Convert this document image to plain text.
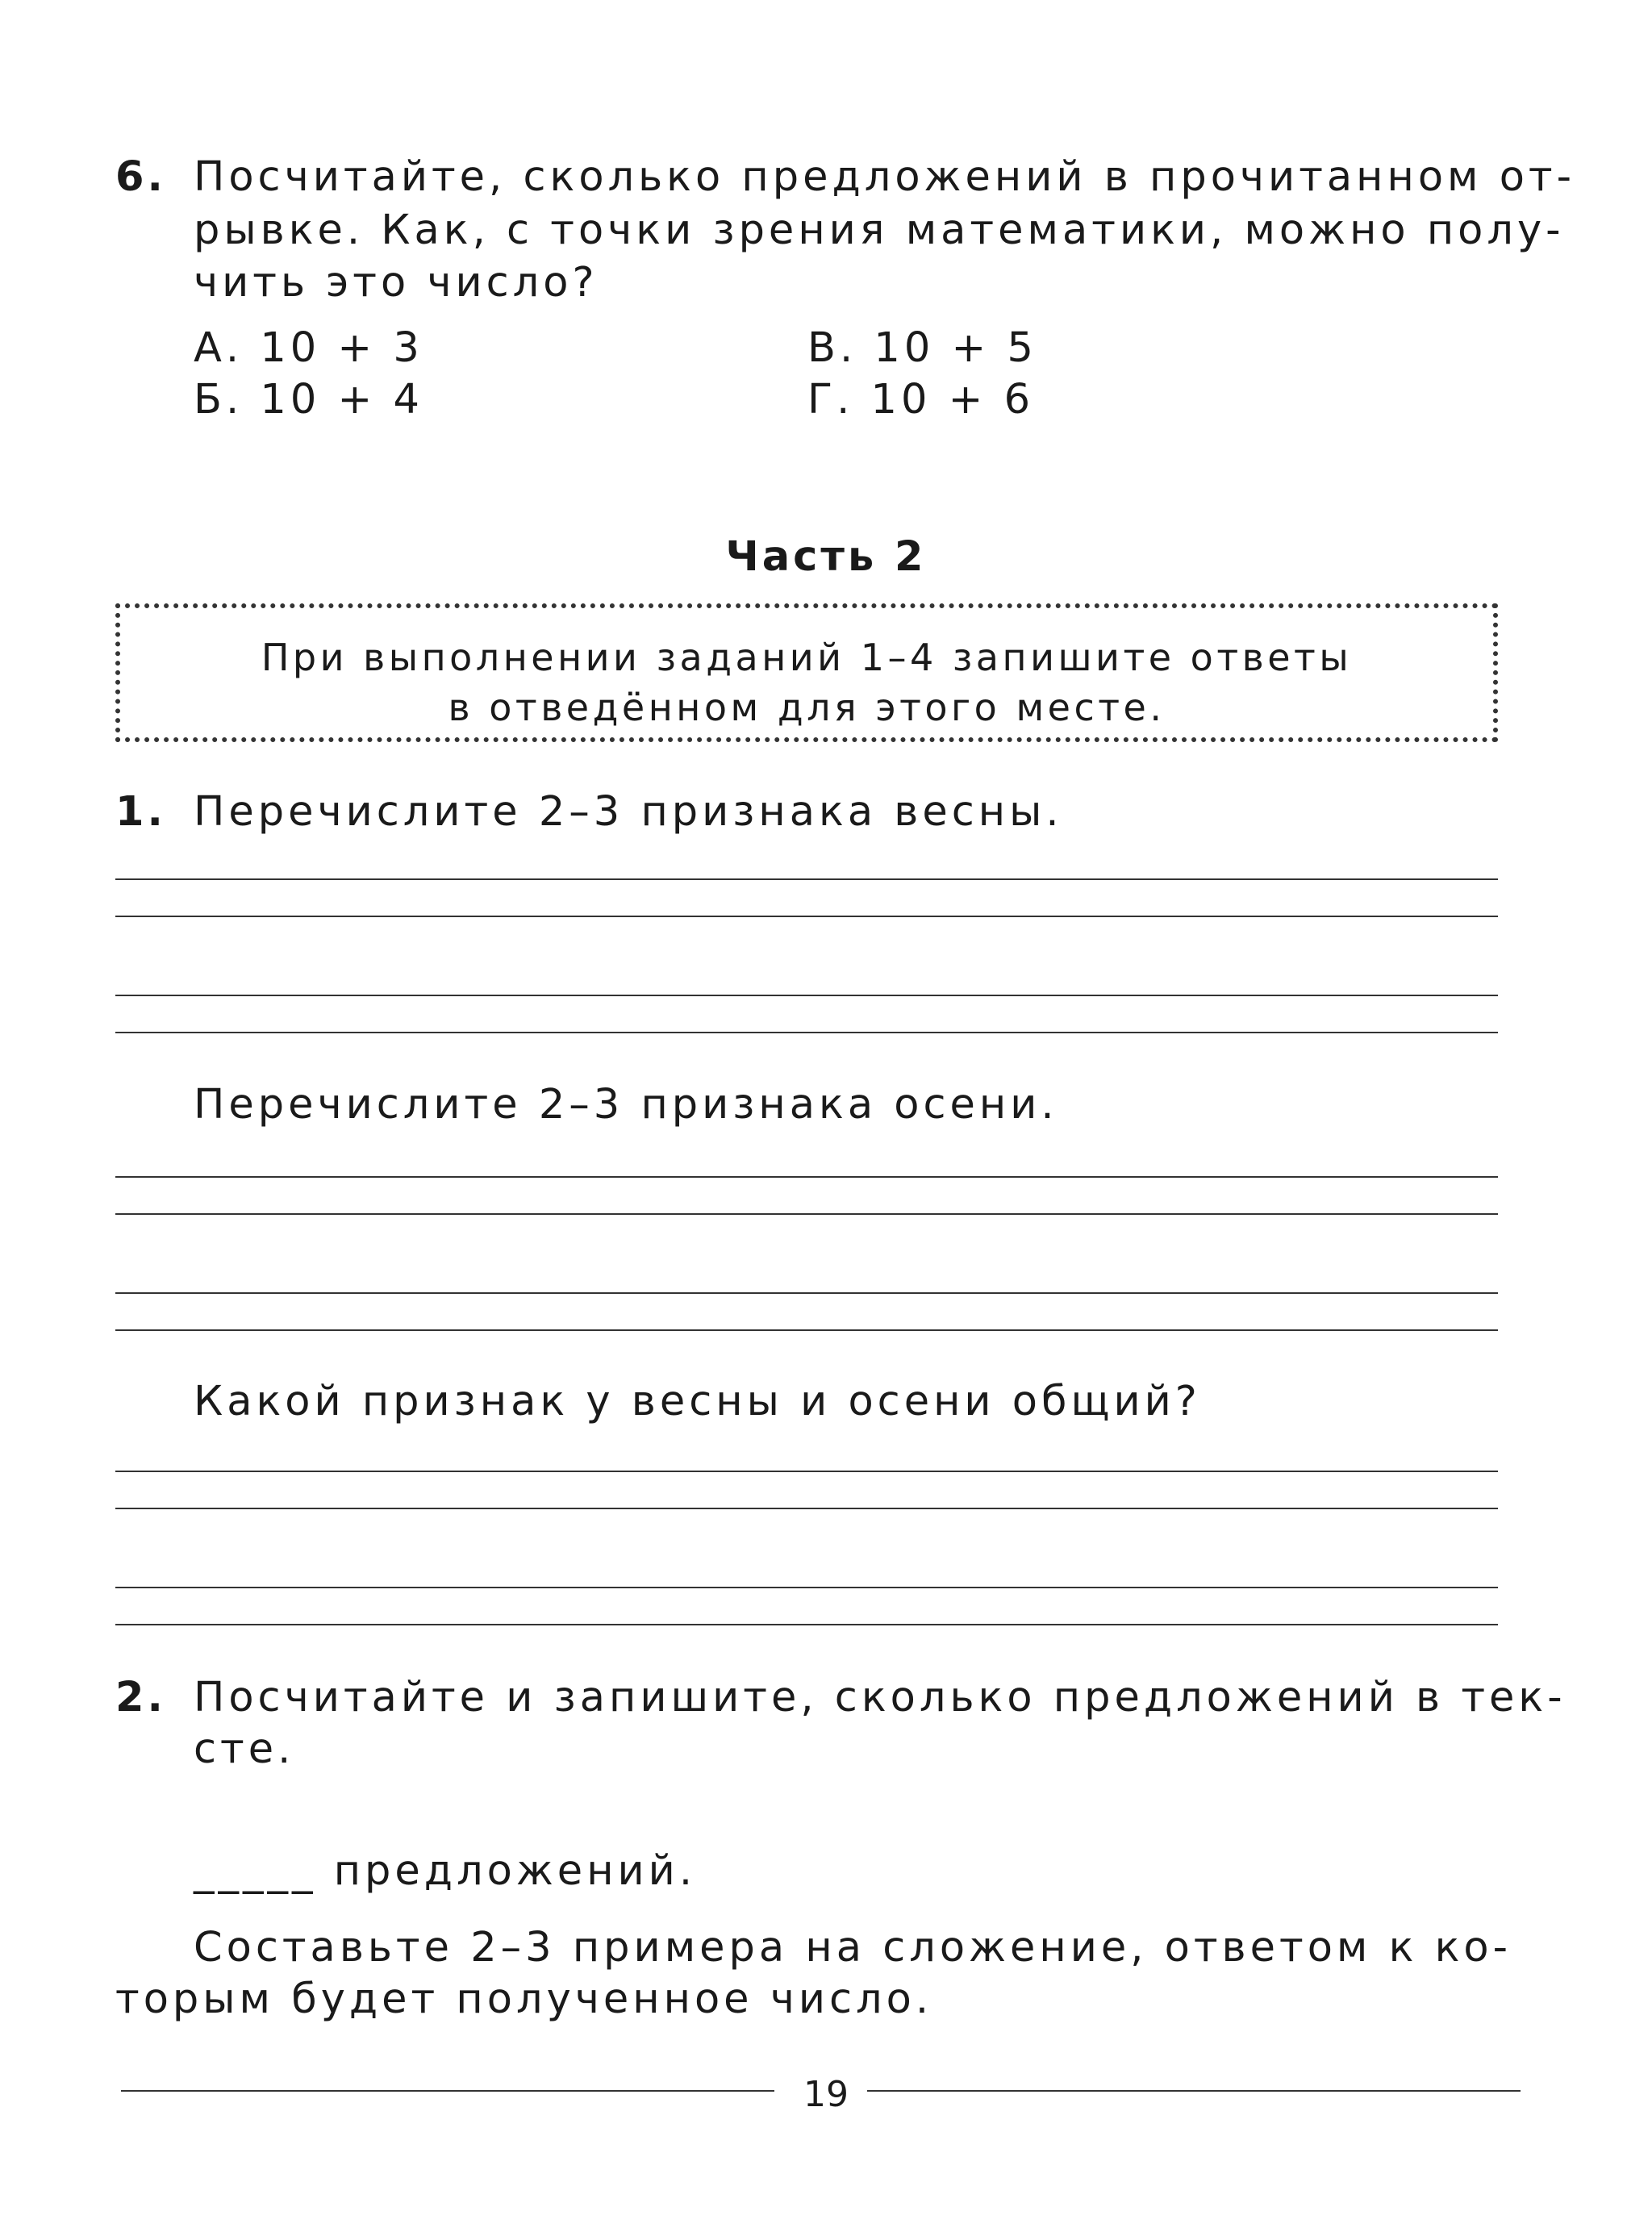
6. Посчитайте, сколько предложений в прочитанном от-
рывке. Как, с точки зрения математики, можно полу-
чить это число?
А. 10 + 3
Б. 10 + 4
В. 10 + 5
Г. 10 + 6
Часть 2
При выполнении заданий 1–4 запишите ответы
в отведённом для этого месте.
1. Перечислите 2–3 признака весны.
Перечислите 2–3 признака осени.
Какой признак у весны и осени общий?
2. Посчитайте и запишите, сколько предложений в тек-
сте.
_____ предложений.
Составьте 2–3 примера на сложение, ответом к ко-
торым будет полученное число.
19
